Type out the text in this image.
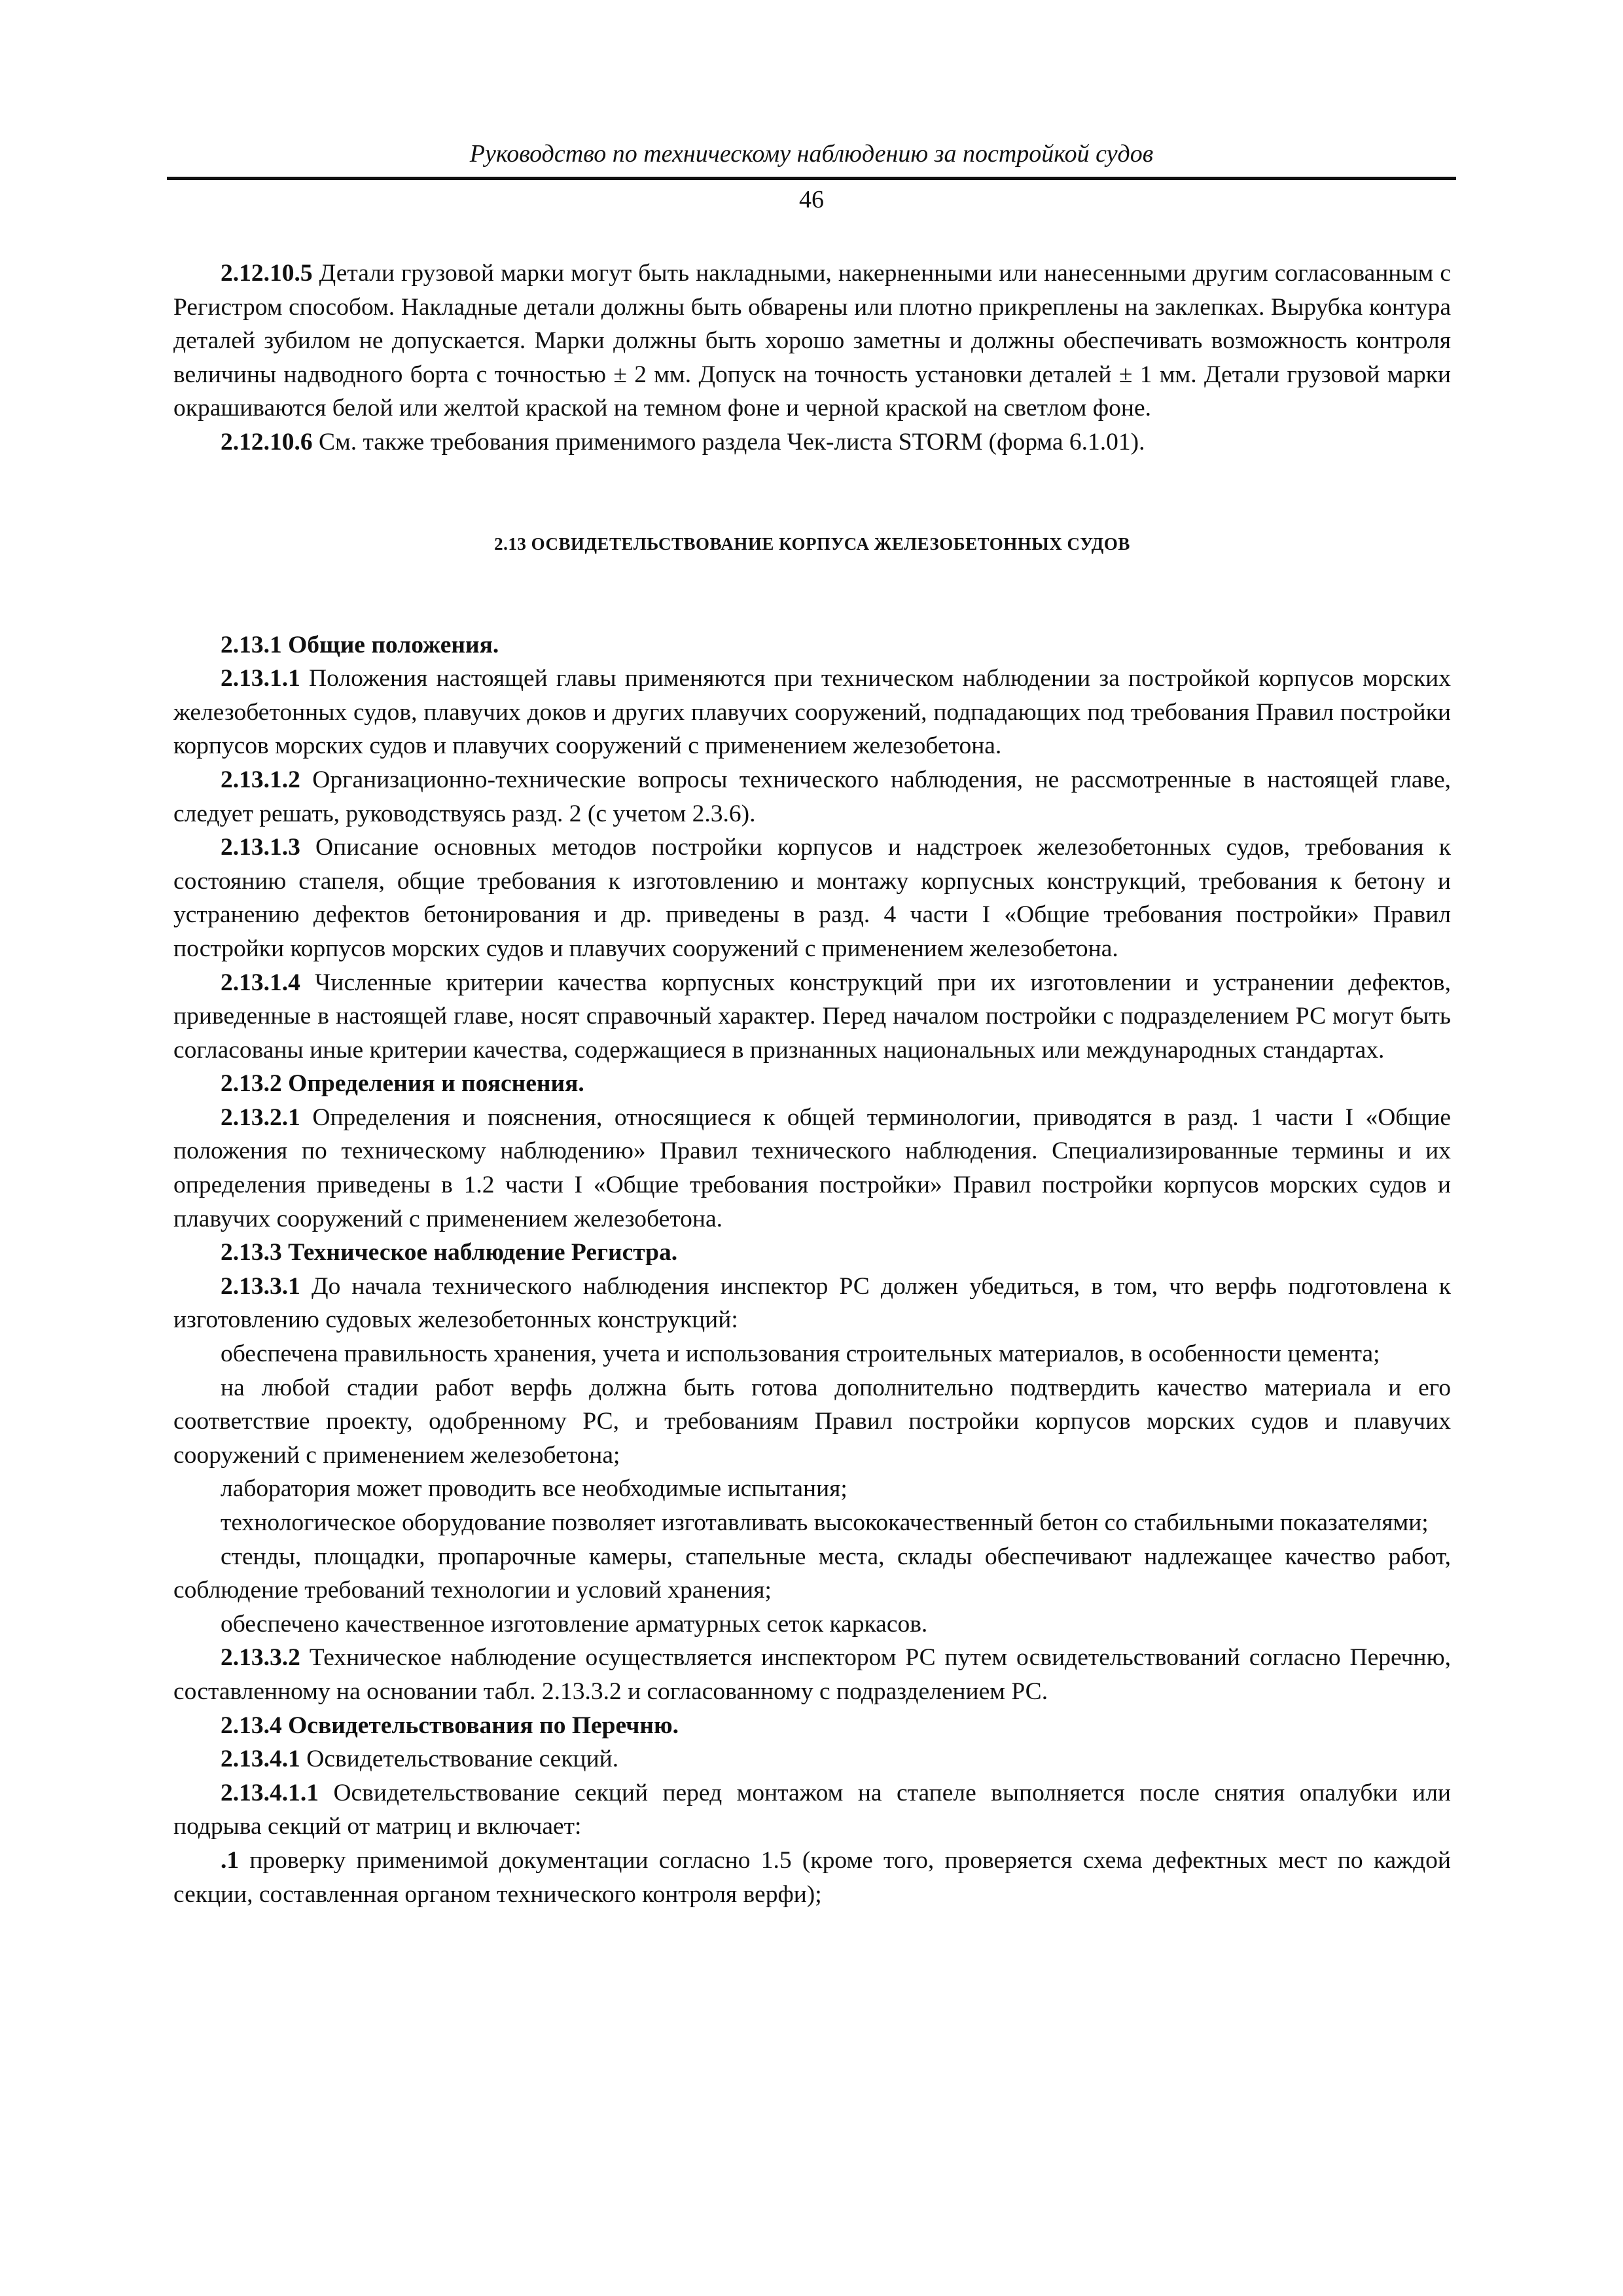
Руководство по техническому наблюдению за постройкой судов
46

2.12.10.5 Детали грузовой марки могут быть накладными, накерненными или нанесенными другим согласованным с Регистром способом. Накладные детали должны быть обварены или плотно прикреплены на заклепках. Вырубка контура деталей зубилом не допускается. Марки должны быть хорошо заметны и должны обеспечивать возможность контроля величины надводного борта с точностью ± 2 мм. Допуск на точность установки деталей ± 1 мм. Детали грузовой марки окрашиваются белой или желтой краской на темном фоне и черной краской на светлом фоне.

2.12.10.6 См. также требования применимого раздела Чек-листа STORM (форма 6.1.01).

2.13 ОСВИДЕТЕЛЬСТВОВАНИЕ КОРПУСА ЖЕЛЕЗОБЕТОННЫХ СУДОВ

2.13.1 Общие положения.

2.13.1.1 Положения настоящей главы применяются при техническом наблюдении за постройкой корпусов морских железобетонных судов, плавучих доков и других плавучих сооружений, подпадающих под требования Правил постройки корпусов морских судов и плавучих сооружений с применением железобетона.

2.13.1.2 Организационно-технические вопросы технического наблюдения, не рассмотренные в настоящей главе, следует решать, руководствуясь разд. 2 (с учетом 2.3.6).

2.13.1.3 Описание основных методов постройки корпусов и надстроек железобетонных судов, требования к состоянию стапеля, общие требования к изготовлению и монтажу корпусных конструкций, требования к бетону и устранению дефектов бетонирования и др. приведены в разд. 4 части I «Общие требования постройки» Правил постройки корпусов морских судов и плавучих сооружений с применением железобетона.

2.13.1.4 Численные критерии качества корпусных конструкций при их изготовлении и устранении дефектов, приведенные в настоящей главе, носят справочный характер. Перед началом постройки с подразделением РС могут быть согласованы иные критерии качества, содержащиеся в признанных национальных или международных стандартах.

2.13.2 Определения и пояснения.

2.13.2.1 Определения и пояснения, относящиеся к общей терминологии, приводятся в разд. 1 части I «Общие положения по техническому наблюдению» Правил технического наблюдения. Специализированные термины и их определения приведены в 1.2 части I «Общие требования постройки» Правил постройки корпусов морских судов и плавучих сооружений с применением железобетона.

2.13.3 Техническое наблюдение Регистра.

2.13.3.1 До начала технического наблюдения инспектор РС должен убедиться, в том, что верфь подготовлена к изготовлению судовых железобетонных конструкций:

обеспечена правильность хранения, учета и использования строительных материалов, в особенности цемента;

на любой стадии работ верфь должна быть готова дополнительно подтвердить качество материала и его соответствие проекту, одобренному РС, и требованиям Правил постройки корпусов морских судов и плавучих сооружений с применением железобетона;

лаборатория может проводить все необходимые испытания;

технологическое оборудование позволяет изготавливать высококачественный бетон со стабильными показателями;

стенды, площадки, пропарочные камеры, стапельные места, склады обеспечивают надлежащее качество работ, соблюдение требований технологии и условий хранения;

обеспечено качественное изготовление арматурных сеток каркасов.

2.13.3.2 Техническое наблюдение осуществляется инспектором РС путем освидетельствований согласно Перечню, составленному на основании табл. 2.13.3.2 и согласованному с подразделением РС.

2.13.4 Освидетельствования по Перечню.

2.13.4.1 Освидетельствование секций.

2.13.4.1.1 Освидетельствование секций перед монтажом на стапеле выполняется после снятия опалубки или подрыва секций от матриц и включает:

.1 проверку применимой документации согласно 1.5 (кроме того, проверяется схема дефектных мест по каждой секции, составленная органом технического контроля верфи);
